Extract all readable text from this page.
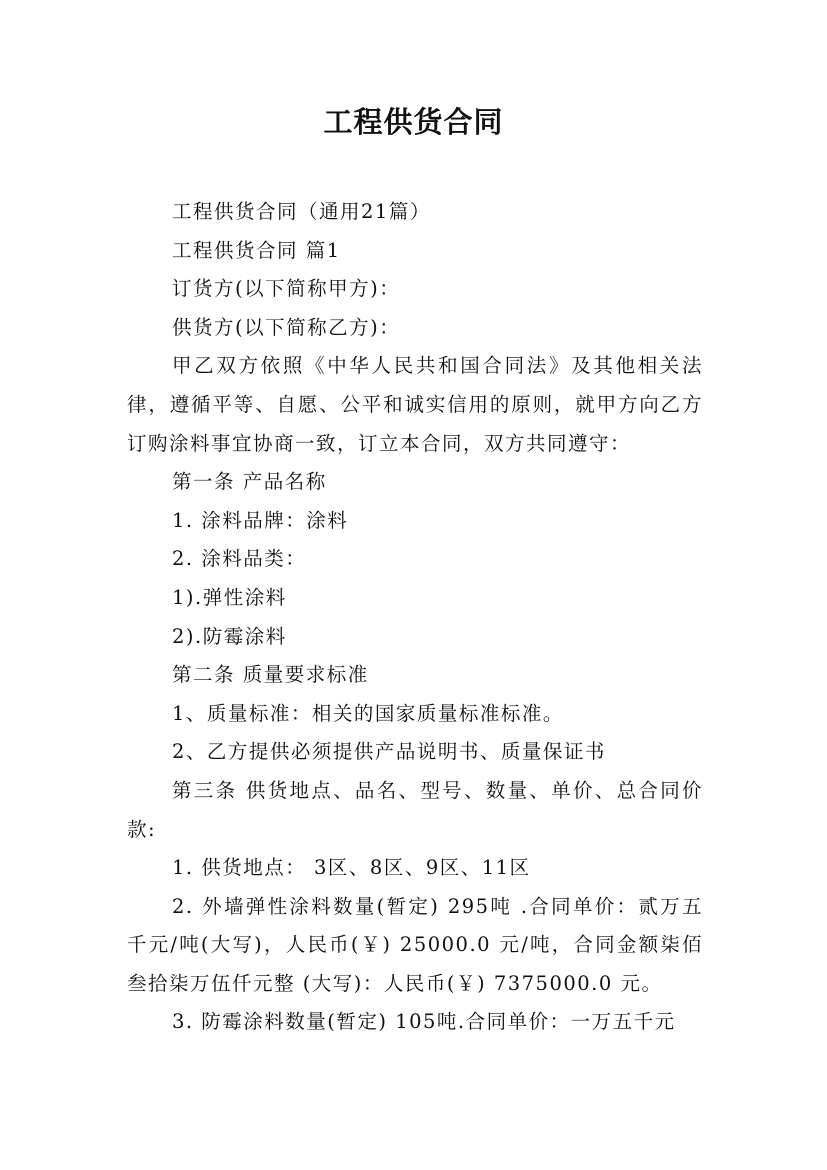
工程供货合同

工程供货合同（通用21篇）

工程供货合同 篇1

订货方(以下简称甲方)：

供货方(以下简称乙方)：

甲乙双方依照《中华人民共和国合同法》及其他相关法律，遵循平等、自愿、公平和诚实信用的原则，就甲方向乙方订购涂料事宜协商一致，订立本合同，双方共同遵守：

第一条 产品名称

1. 涂料品牌：涂料

2. 涂料品类：

1).弹性涂料

2).防霉涂料

第二条 质量要求标准

1、质量标准：相关的国家质量标准标准。

2、乙方提供必须提供产品说明书、质量保证书

第三条 供货地点、品名、型号、数量、单价、总合同价款:

1. 供货地点： 3区、8区、9区、11区

2. 外墙弹性涂料数量(暂定) 295吨 .合同单价：贰万五千元/吨(大写)，人民币(￥) 25000.0 元/吨，合同金额柒佰叁拾柒万伍仟元整 (大写)：人民币(￥) 7375000.0 元。

3. 防霉涂料数量(暂定) 105吨.合同单价：一万五千元
